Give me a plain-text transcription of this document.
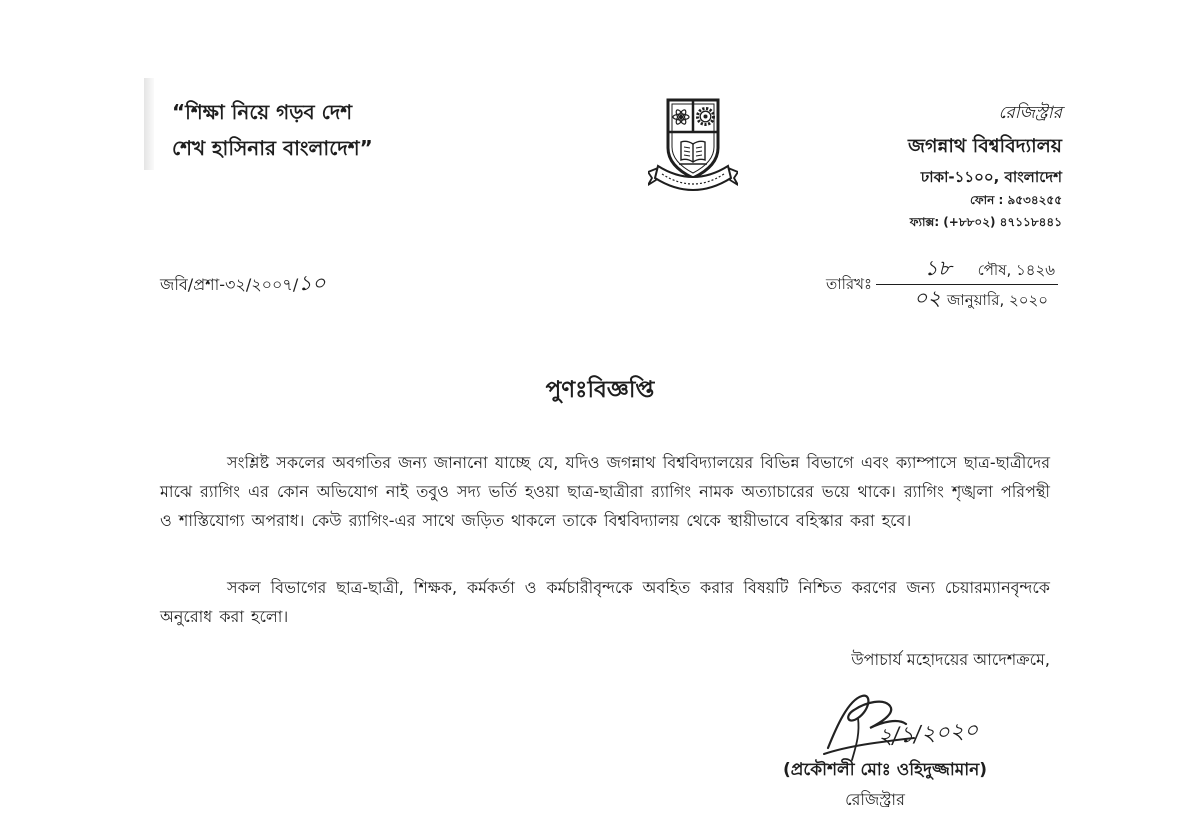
“শিক্ষা নিয়ে গড়ব দেশ
শেখ হাসিনার বাংলাদেশ”
রেজিস্ট্রার
জগন্নাথ বিশ্ববিদ্যালয়
ঢাকা-১১০০, বাংলাদেশ
ফোন : ৯৫৩৪২৫৫
ফ্যাক্স: (+৮৮০২) ৪৭১১৮৪৪১
জবি/প্রশা-৩২/২০০৭/১০	তারিখঃ
১৮ পৌষ, ১৪২৬
০২ জানুয়ারি, ২০২০
পুণঃবিজ্ঞপ্তি

সংশ্লিষ্ট সকলের অবগতির জন্য জানানো যাচ্ছে যে, যদিও জগন্নাথ বিশ্ববিদ্যালয়ের বিভিন্ন বিভাগে এবং ক্যাম্পাসে ছাত্র-ছাত্রীদের মাঝে র‍্যাগিং এর কোন অভিযোগ নাই তবুও সদ্য ভর্তি হওয়া ছাত্র-ছাত্রীরা র‍্যাগিং নামক অত্যাচারের ভয়ে থাকে। র‍্যাগিং শৃঙ্খলা পরিপন্থী ও শাস্তিযোগ্য অপরাধ। কেউ র‍্যাগিং-এর সাথে জড়িত থাকলে তাকে বিশ্ববিদ্যালয় থেকে স্থায়ীভাবে বহিস্কার করা হবে।

সকল বিভাগের ছাত্র-ছাত্রী, শিক্ষক, কর্মকর্তা ও কর্মচারীবৃন্দকে অবহিত করার বিষয়টি নিশ্চিত করণের জন্য চেয়ারম্যানবৃন্দকে অনুরোধ করা হলো।

উপাচার্য মহোদয়ের আদেশক্রমে,
২/১/২০২০
(প্রকৌশলী মোঃ ওহিদুজ্জামান)
রেজিস্ট্রার
